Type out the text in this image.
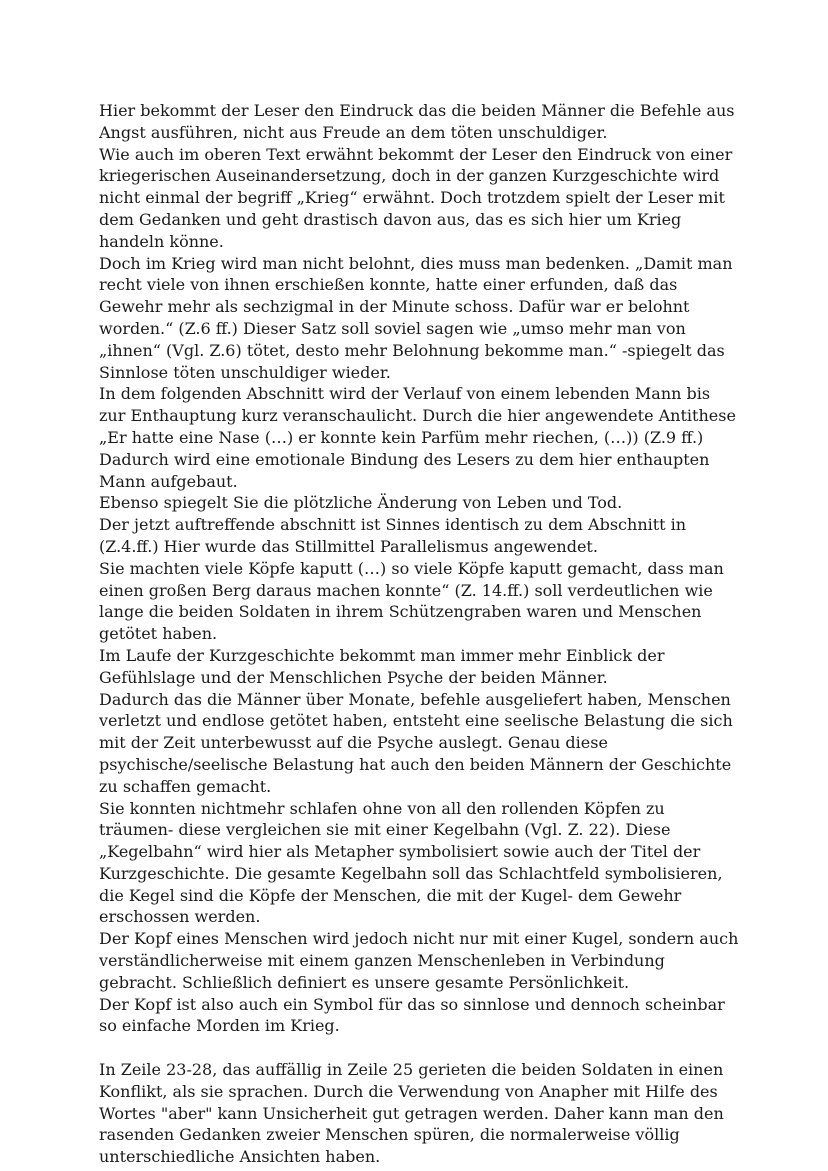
Hier bekommt der Leser den Eindruck das die beiden Männer die Befehle aus Angst ausführen, nicht aus Freude an dem töten unschuldiger.

Wie auch im oberen Text erwähnt bekommt der Leser den Eindruck von einer kriegerischen Auseinandersetzung, doch in der ganzen Kurzgeschichte wird nicht einmal der begriff „Krieg“ erwähnt. Doch trotzdem spielt der Leser mit dem Gedanken und geht drastisch davon aus, das es sich hier um Krieg handeln könne.

Doch im Krieg wird man nicht belohnt, dies muss man bedenken. „Damit man recht viele von ihnen erschießen konnte, hatte einer erfunden, daß das Gewehr mehr als sechzigmal in der Minute schoss. Dafür war er belohnt worden.“ (Z.6 ff.) Dieser Satz soll soviel sagen wie „umso mehr man von „ihnen“ (Vgl. Z.6) tötet, desto mehr Belohnung bekomme man.“ -spiegelt das Sinnlose töten unschuldiger wieder.

In dem folgenden Abschnitt wird der Verlauf von einem lebenden Mann bis zur Enthauptung kurz veranschaulicht. Durch die hier angewendete Antithese „Er hatte eine Nase (…) er konnte kein Parfüm mehr riechen, (…)) (Z.9 ff.) Dadurch wird eine emotionale Bindung des Lesers zu dem hier enthaupten Mann aufgebaut.

Ebenso spiegelt Sie die plötzliche Änderung von Leben und Tod.

Der jetzt auftreffende abschnitt ist Sinnes identisch zu dem Abschnitt in (Z.4.ff.) Hier wurde das Stillmittel Parallelismus angewendet.

Sie machten viele Köpfe kaputt (…) so viele Köpfe kaputt gemacht, dass man einen großen Berg daraus machen konnte“ (Z. 14.ff.) soll verdeutlichen wie lange die beiden Soldaten in ihrem Schützengraben waren und Menschen getötet haben.

Im Laufe der Kurzgeschichte bekommt man immer mehr Einblick der Gefühlslage und der Menschlichen Psyche der beiden Männer.

Dadurch das die Männer über Monate, befehle ausgeliefert haben, Menschen verletzt und endlose getötet haben, entsteht eine seelische Belastung die sich mit der Zeit unterbewusst auf die Psyche auslegt. Genau diese psychische/seelische Belastung hat auch den beiden Männern der Geschichte zu schaffen gemacht.

Sie konnten nichtmehr schlafen ohne von all den rollenden Köpfen zu träumen- diese vergleichen sie mit einer Kegelbahn (Vgl. Z. 22). Diese „Kegelbahn“ wird hier als Metapher symbolisiert sowie auch der Titel der Kurzgeschichte. Die gesamte Kegelbahn soll das Schlachtfeld symbolisieren, die Kegel sind die Köpfe der Menschen, die mit der Kugel- dem Gewehr erschossen werden.

Der Kopf eines Menschen wird jedoch nicht nur mit einer Kugel, sondern auch verständlicherweise mit einem ganzen Menschenleben in Verbindung gebracht. Schließlich definiert es unsere gesamte Persönlichkeit.

Der Kopf ist also auch ein Symbol für das so sinnlose und dennoch scheinbar so einfache Morden im Krieg.

In Zeile 23-28, das auffällig in Zeile 25 gerieten die beiden Soldaten in einen Konflikt, als sie sprachen. Durch die Verwendung von Anapher mit Hilfe des Wortes "aber" kann Unsicherheit gut getragen werden. Daher kann man den rasenden Gedanken zweier Menschen spüren, die normalerweise völlig unterschiedliche Ansichten haben.
